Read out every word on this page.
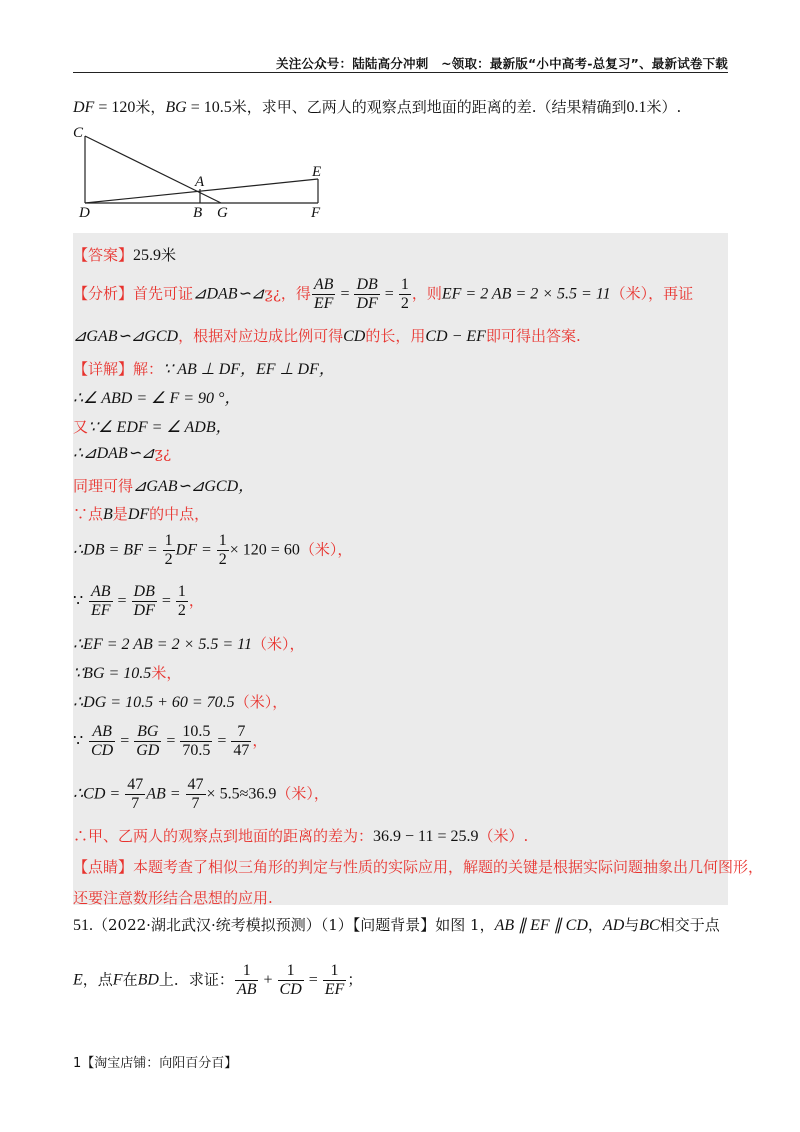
关注公众号：陆陆高分冲刺　~领取：最新版“小中高考-总复习”、最新试卷下载
DF = 120米，BG = 10.5米，求甲、乙两人的观察点到地面的距离的差.（结果精确到0.1米）.
C
A
E
D	B G	F
【答案】25.9米
【分析】首先可证⊿DAB∽⊿ƺ¿，得 $\frac{AB}{EF} = \frac{DB}{DF} = \frac{1}{2}$ ，则EF = 2 AB = 2 × 5.5 = 11（米），再证
⊿GAB∽⊿GCD，根据对应边成比例可得CD的长，用CD − EF即可得出答案.
【详解】解：∵ AB ⊥ DF，EF ⊥ DF，
∴∠ ABD = ∠ F = 90 °，
又∵∠ EDF = ∠ ADB，
∴⊿DAB∽⊿ƺ¿
同理可得⊿GAB∽⊿GCD，
∵点B是DF的中点，
∴DB = BF = $\frac{1}{2}$ DF = $\frac{1}{2} \times 120 = 60$（米），
∵ $\frac{AB}{EF} = \frac{DB}{DF} = \frac{1}{2}$ ，
∴EF = 2 AB = 2 × 5.5 = 11（米），
∵BG = 10.5米，
∴DG = 10.5 + 60 = 70.5（米），
∵ $\frac{AB}{CD} = \frac{BG}{GD} = \frac{10.5}{70.5} = \frac{7}{47}$ ，
∴CD = $\frac{47}{7}$ AB = $\frac{47}{7} \times 5.5\approx 36.9$（米），
∴甲、乙两人的观察点到地面的距离的差为：36.9 − 11 = 25.9（米）.
【点睛】本题考查了相似三角形的判定与性质的实际应用，解题的关键是根据实际问题抽象出几何图形，
还要注意数形结合思想的应用.
51.（2022·湖北武汉·统考模拟预测）（1）【问题背景】如图 1，AB ∥ EF ∥ CD，AD与BC相交于点
E，点F在BD上．求证： $\frac{1}{AB} + \frac{1}{CD} = \frac{1}{EF}$ ；
1【淘宝店铺：向阳百分百】
